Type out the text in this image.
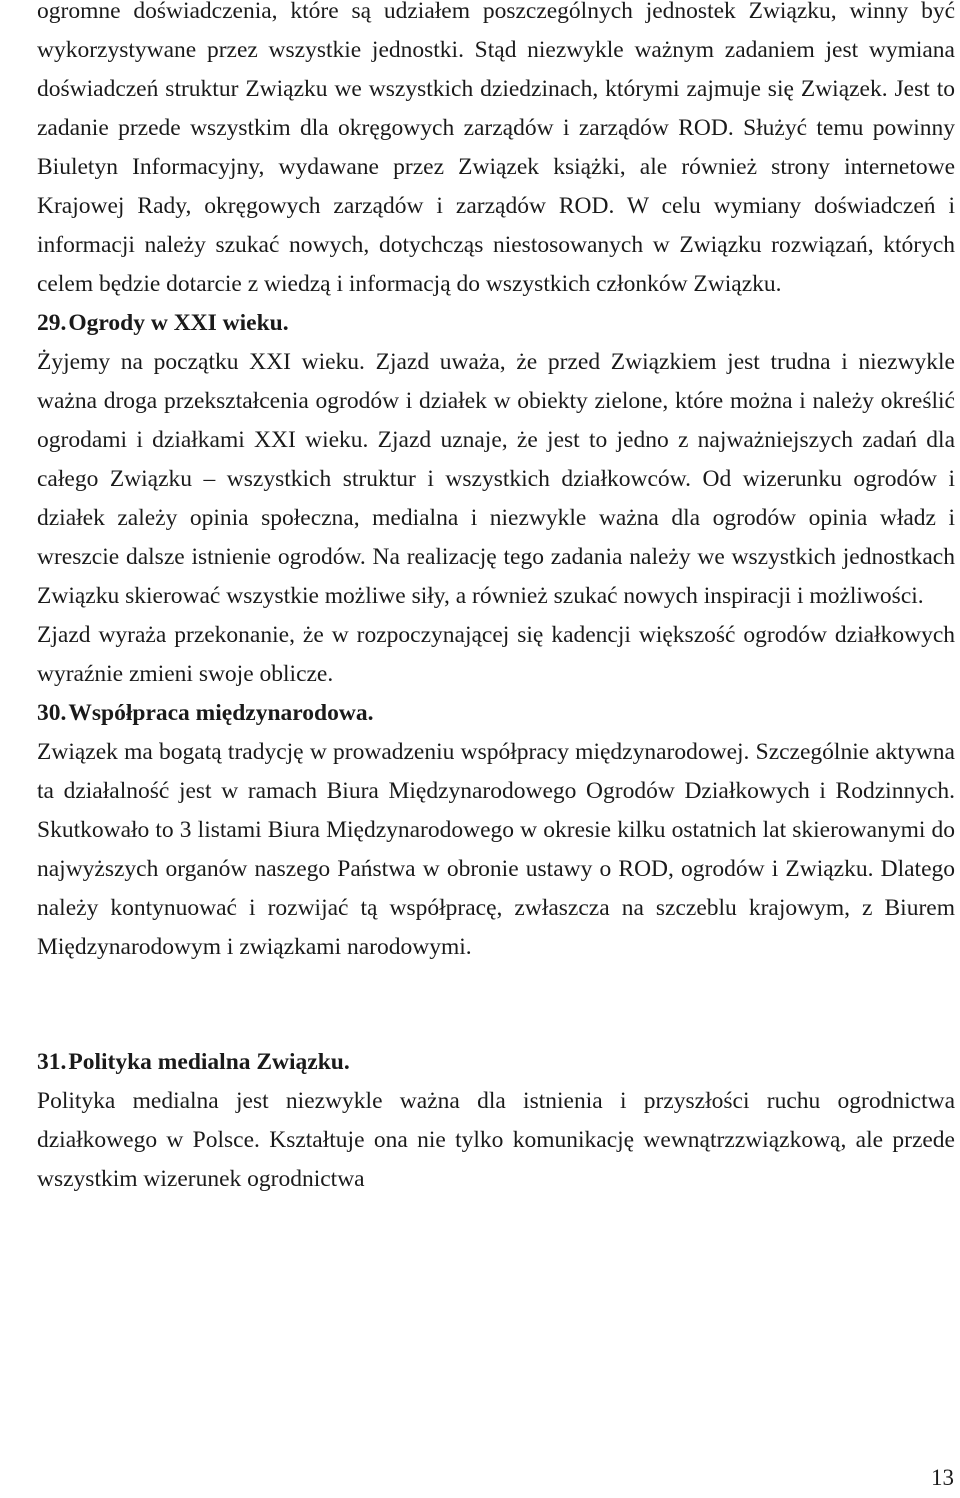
ogromne doświadczenia, które są udziałem poszczególnych jednostek Związku, winny być wykorzystywane przez wszystkie jednostki. Stąd niezwykle ważnym zadaniem jest wymiana doświadczeń struktur Związku we wszystkich dziedzinach, którymi zajmuje się Związek. Jest to zadanie przede wszystkim dla okręgowych zarządów i zarządów ROD. Służyć temu powinny Biuletyn Informacyjny, wydawane przez Związek książki, ale również strony internetowe Krajowej Rady, okręgowych zarządów i zarządów ROD. W celu wymiany doświadczeń i informacji należy szukać nowych, dotychcząs niestosowanych w Związku rozwiązań, których celem będzie dotarcie z wiedzą i informacją do wszystkich członków Związku.

29. Ogrody w XXI wieku.

Żyjemy na początku XXI wieku. Zjazd uważa, że przed Związkiem jest trudna i niezwykle ważna droga przekształcenia ogrodów i działek w obiekty zielone, które można i należy określić ogrodami i działkami XXI wieku. Zjazd uznaje, że jest to jedno z najważniejszych zadań dla całego Związku – wszystkich struktur i wszystkich działkowców. Od wizerunku ogrodów i działek zależy opinia społeczna, medialna i niezwykle ważna dla ogrodów opinia władz i wreszcie dalsze istnienie ogrodów. Na realizację tego zadania należy we wszystkich jednostkach Związku skierować wszystkie możliwe siły, a również szukać nowych inspiracji i możliwości.

Zjazd wyraża przekonanie, że w rozpoczynającej się kadencji większość ogrodów działkowych wyraźnie zmieni swoje oblicze.

30. Współpraca międzynarodowa.

Związek ma bogatą tradycję w prowadzeniu współpracy międzynarodowej. Szczególnie aktywna ta działalność jest w ramach Biura Międzynarodowego Ogrodów Działkowych i Rodzinnych. Skutkowało to 3 listami Biura Międzynarodowego w okresie kilku ostatnich lat skierowanymi do najwyższych organów naszego Państwa w obronie ustawy o ROD, ogrodów i Związku. Dlatego należy kontynuować i rozwijać tą współpracę, zwłaszcza na szczeblu krajowym, z Biurem Międzynarodowym i związkami narodowymi.

31. Polityka medialna Związku.

Polityka medialna jest niezwykle ważna dla istnienia i przyszłości ruchu ogrodnictwa działkowego w Polsce. Kształtuje ona nie tylko komunikację wewnątrzzwiązkową, ale przede wszystkim wizerunek ogrodnictwa

13
